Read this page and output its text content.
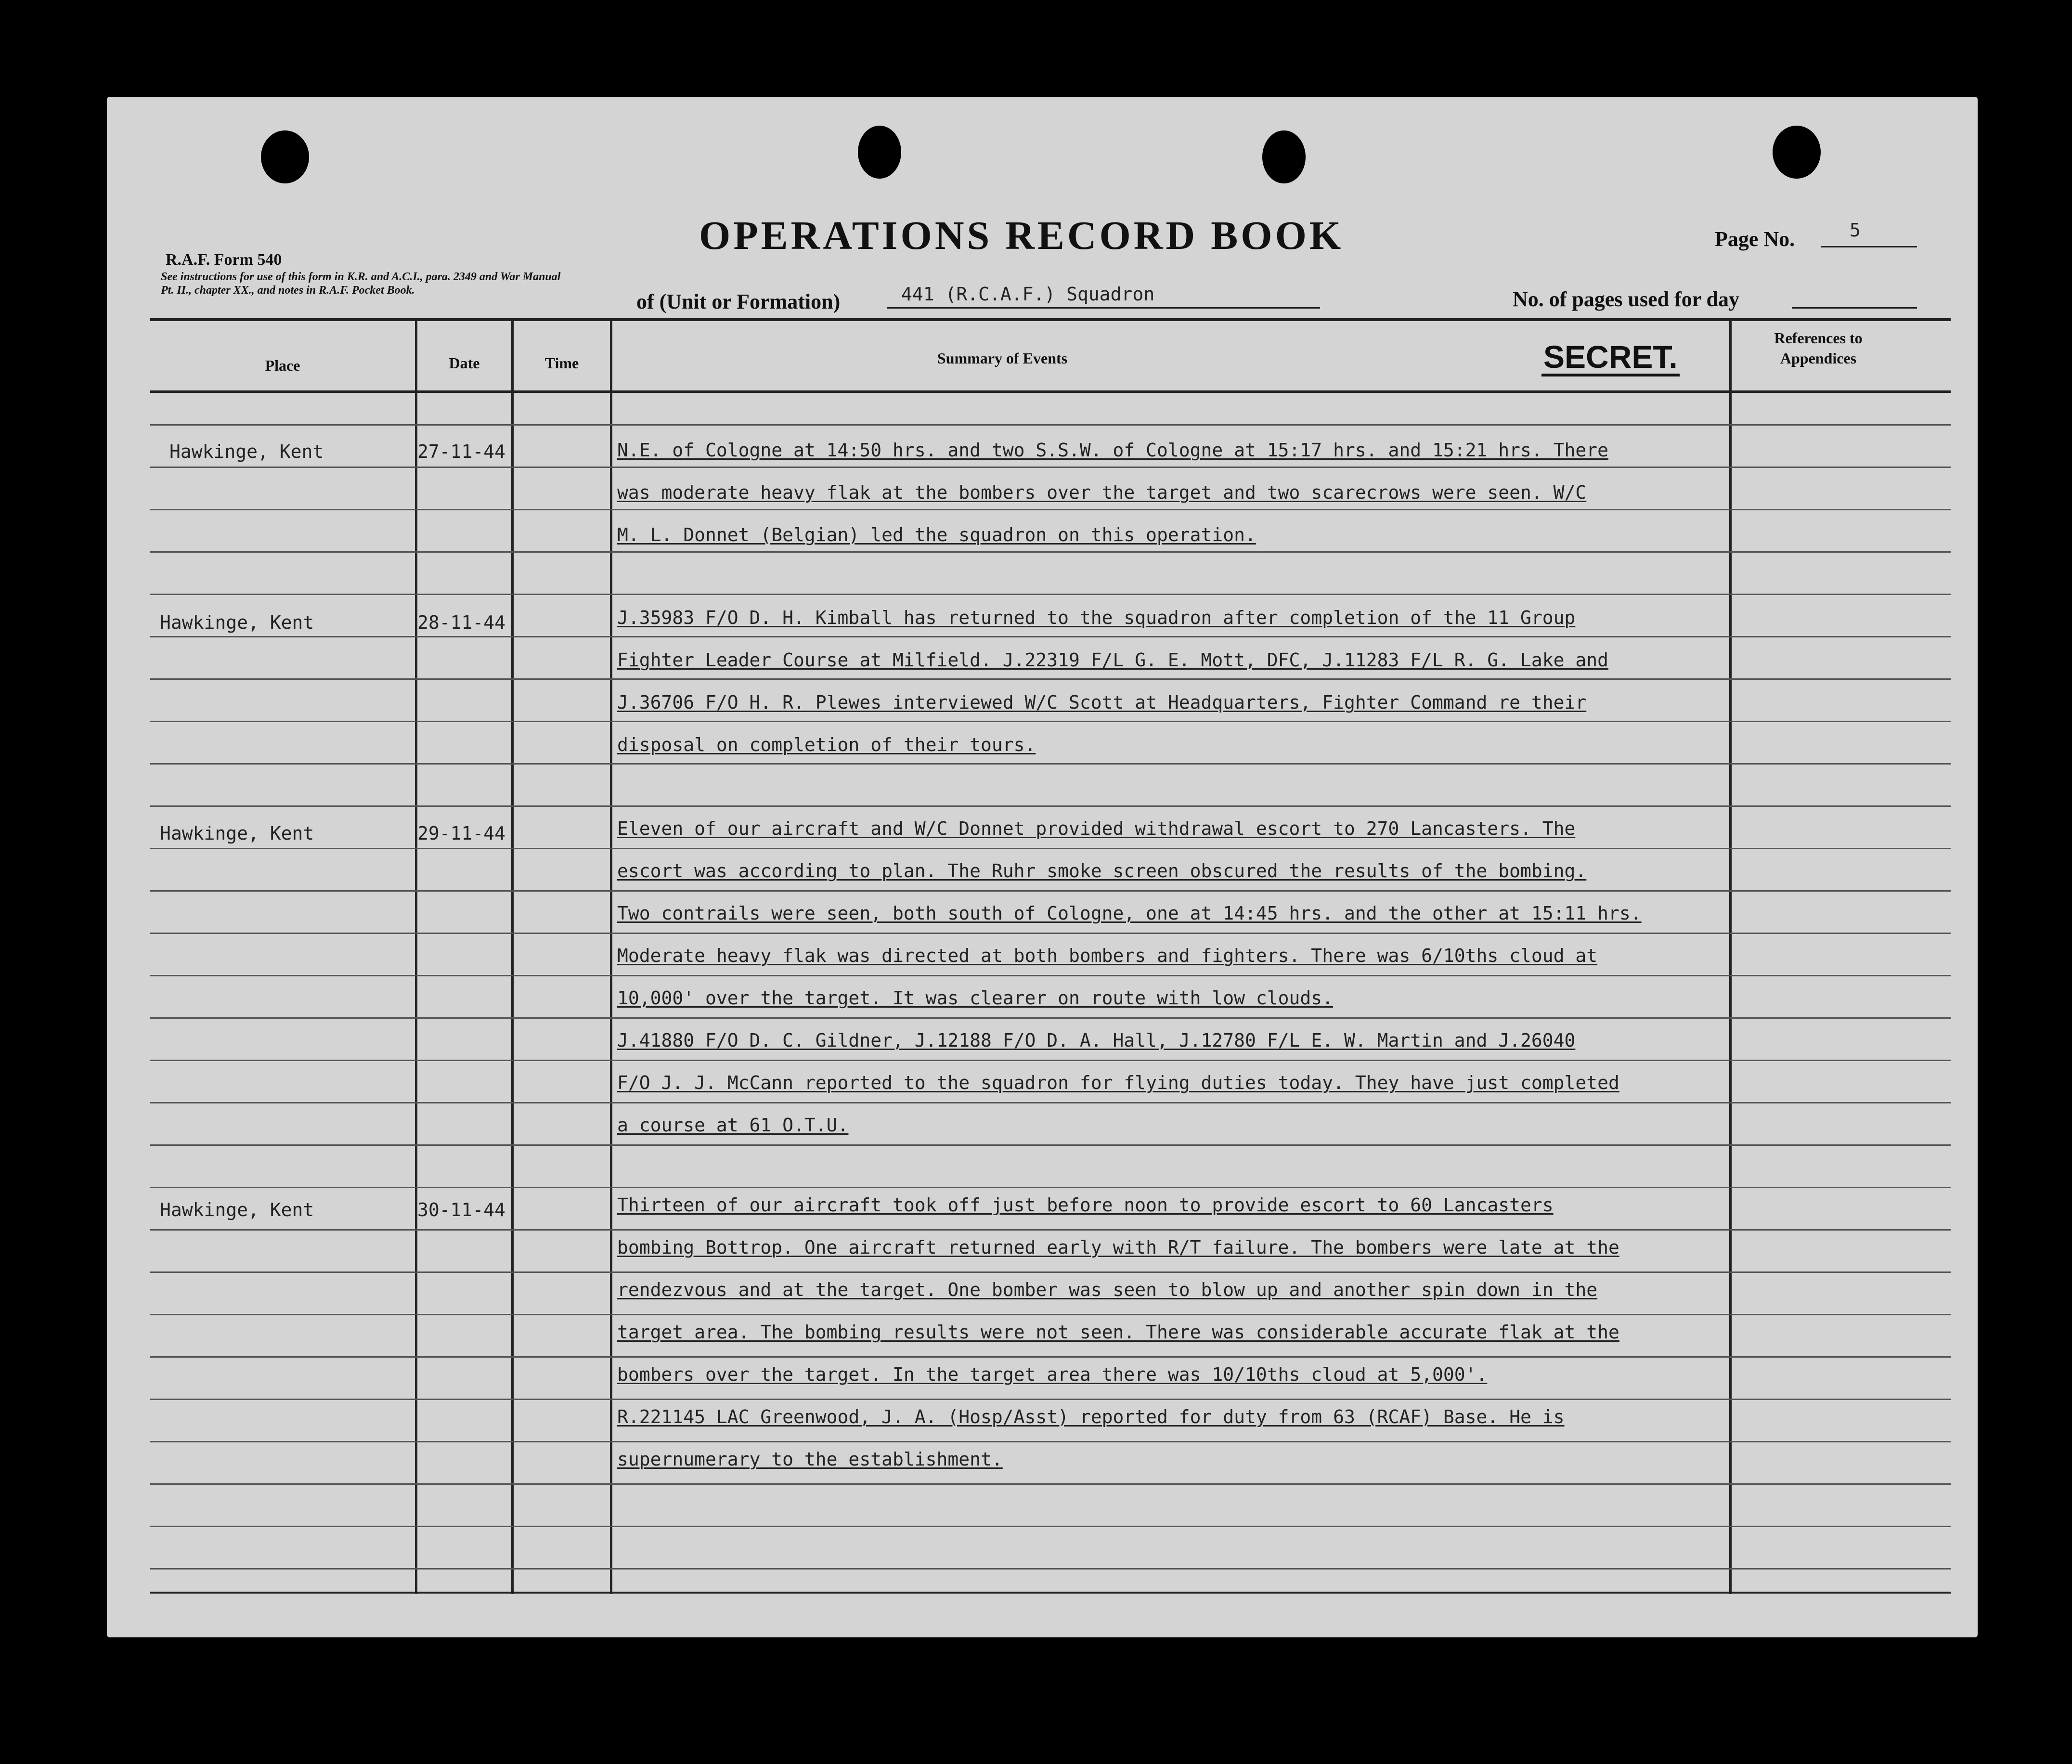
R.A.F. Form 540
See instructions for use of this form in K.R. and A.C.I., para. 2349 and War Manual Pt. II., chapter XX., and notes in R.A.F. Pocket Book.
OPERATIONS RECORD BOOK	Page No.	5
of (Unit or Formation)	441 (R.C.A.F.) Squadron	No. of pages used for day
Place	Date	Time	Summary of Events
References to Appendices
SECRET.
Hawkinge, Kent	27-11-44	N.E. of Cologne at 14:50 hrs. and two S.S.W. of Cologne at 15:17 hrs. and 15:21 hrs. There
was moderate heavy flak at the bombers over the target and two scarecrows were seen. W/C
M. L. Donnet (Belgian) led the squadron on this operation.
Hawkinge, Kent	28-11-44	J.35983 F/O D. H. Kimball has returned to the squadron after completion of the 11 Group
Fighter Leader Course at Milfield. J.22319 F/L G. E. Mott, DFC, J.11283 F/L R. G. Lake and
J.36706 F/O H. R. Plewes interviewed W/C Scott at Headquarters, Fighter Command re their
disposal on completion of their tours.
Hawkinge, Kent	29-11-44	Eleven of our aircraft and W/C Donnet provided withdrawal escort to 270 Lancasters. The
escort was according to plan. The Ruhr smoke screen obscured the results of the bombing.
Two contrails were seen, both south of Cologne, one at 14:45 hrs. and the other at 15:11 hrs.
Moderate heavy flak was directed at both bombers and fighters. There was 6/10ths cloud at
10,000' over the target. It was clearer on route with low clouds.
J.41880 F/O D. C. Gildner, J.12188 F/O D. A. Hall, J.12780 F/L E. W. Martin and J.26040
F/O J. J. McCann reported to the squadron for flying duties today. They have just completed
a course at 61 O.T.U.
Hawkinge, Kent	30-11-44	Thirteen of our aircraft took off just before noon to provide escort to 60 Lancasters
bombing Bottrop. One aircraft returned early with R/T failure. The bombers were late at the
rendezvous and at the target. One bomber was seen to blow up and another spin down in the
target area. The bombing results were not seen. There was considerable accurate flak at the
bombers over the target. In the target area there was 10/10ths cloud at 5,000'.
R.221145 LAC Greenwood, J. A. (Hosp/Asst) reported for duty from 63 (RCAF) Base. He is
supernumerary to the establishment.
